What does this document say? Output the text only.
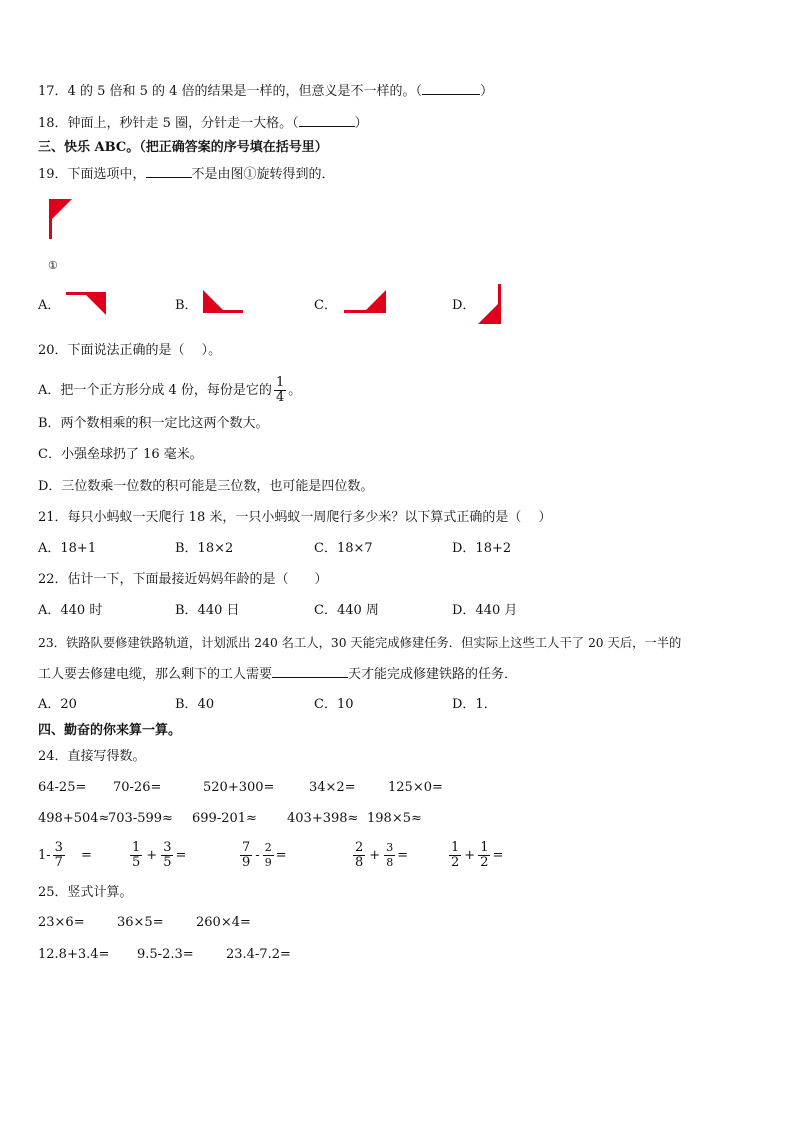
17．4 的 5 倍和 5 的 4 倍的结果是一样的，但意义是不一样的。（	）
18．钟面上，秒针走 5 圈，分针走一大格。（	）
三、快乐 ABC。（把正确答案的序号填在括号里）
19．下面选项中，	不是由图①旋转得到的．
①
A．	B．	C．	D．
20．下面说法正确的是（　 ）。
A．把一个正方形分成 4 份，每份是它的 $\frac{1}{4}$ 。
B．两个数相乘的积一定比这两个数大。
C．小强垒球扔了 16 毫米。
D．三位数乘一位数的积可能是三位数，也可能是四位数。
21．每只小蚂蚁一天爬行 18 米，一只小蚂蚁一周爬行多少米？以下算式正确的是（　 ）
A．18+1	B．18×2	C．18×7	D．18+2
22．估计一下，下面最接近妈妈年龄的是（　　）
A．440 时	B．440 日	C．440 周	D．440 月
23．铁路队要修建铁路轨道，计划派出 240 名工人，30 天能完成修建任务．但实际上这些工人干了 20 天后，一半的
工人要去修建电缆，那么剩下的工人需要	天才能完成修建铁路的任务．
A．20	B．40	C．10	D．1．
四、勤奋的你来算一算。
24．直接写得数。
64-25= 70-26=	520+300=	34×2= 125×0=
498+504≈
703-599≈ 699-201≈ 403+398≈ 198×5≈
$1- \frac{3}{7}$ =	$\frac{1}{5} + \frac{3}{5}$ =	$\frac{7}{9} - \frac{2}{9}$ =	$\frac{2}{8} + \frac{3}{8}$ =	$\frac{1}{2} + \frac{1}{2}$ =
25．竖式计算。
23×6= 36×5= 260×4=
12.8+3.4= 9.5-2.3= 23.4-7.2=
